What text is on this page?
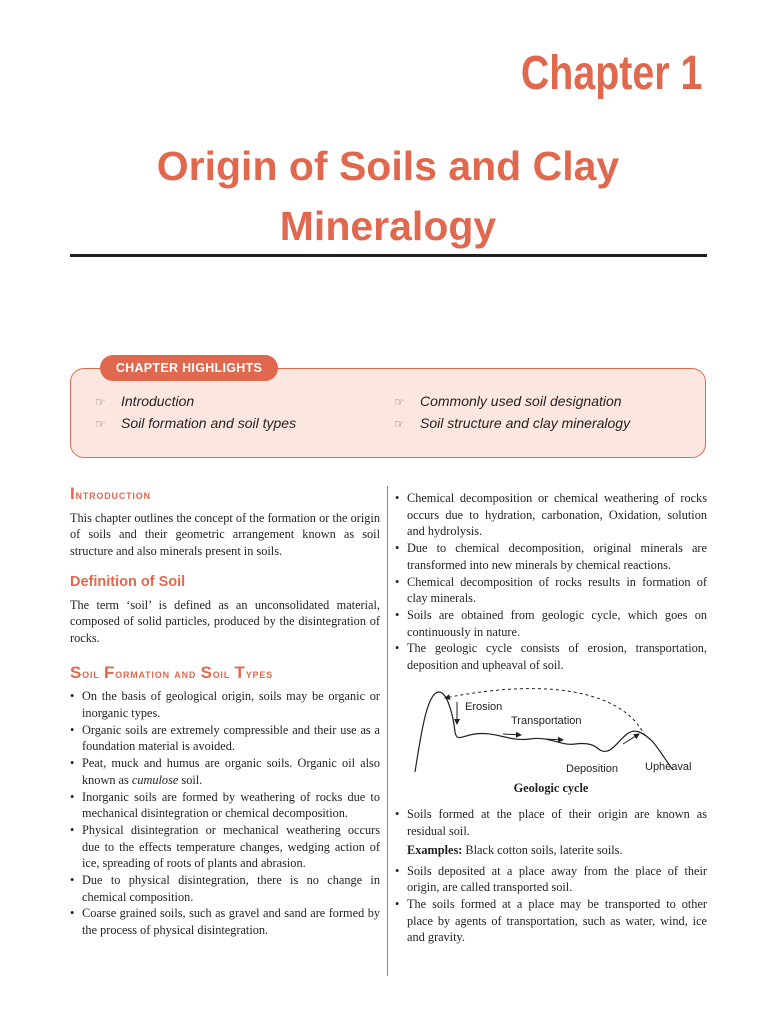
Chapter 1
Origin of Soils and Clay Mineralogy
CHAPTER HIGHLIGHTS
☞ Introduction
☞ Soil formation and soil types
☞ Commonly used soil designation
☞ Soil structure and clay mineralogy
Introduction

This chapter outlines the concept of the formation or the origin of soils and their geometric arrangement known as soil structure and also minerals present in soils.

Definition of Soil

The term ‘soil’ is defined as an unconsolidated material, composed of solid particles, produced by the disintegration of rocks.

Soil Formation and Soil Types
• On the basis of geological origin, soils may be organic or inorganic types.
• Organic soils are extremely compressible and their use as a foundation material is avoided.
• Peat, muck and humus are organic soils. Organic oil also known as cumulose soil.
• Inorganic soils are formed by weathering of rocks due to mechanical disintegration or chemical decomposition.
• Physical disintegration or mechanical weathering occurs due to the effects temperature changes, wedging action of ice, spreading of roots of plants and abrasion.
• Due to physical disintegration, there is no change in chemical composition.
• Coarse grained soils, such as gravel and sand are formed by the process of physical disintegration.
• Chemical decomposition or chemical weathering of rocks occurs due to hydration, carbonation, Oxidation, solution and hydrolysis.
• Due to chemical decomposition, original minerals are transformed into new minerals by chemical reactions.
• Chemical decomposition of rocks results in formation of clay minerals.
• Soils are obtained from geologic cycle, which goes on continuously in nature.
• The geologic cycle consists of erosion, transportation, deposition and upheaval of soil.
Erosion
Transportation
Deposition Upheaval
Geologic cycle
• Soils formed at the place of their origin are known as residual soil.

Examples: Black cotton soils, laterite soils.

• Soils deposited at a place away from the place of their origin, are called transported soil.
• The soils formed at a place may be transported to other place by agents of transportation, such as water, wind, ice and gravity.
